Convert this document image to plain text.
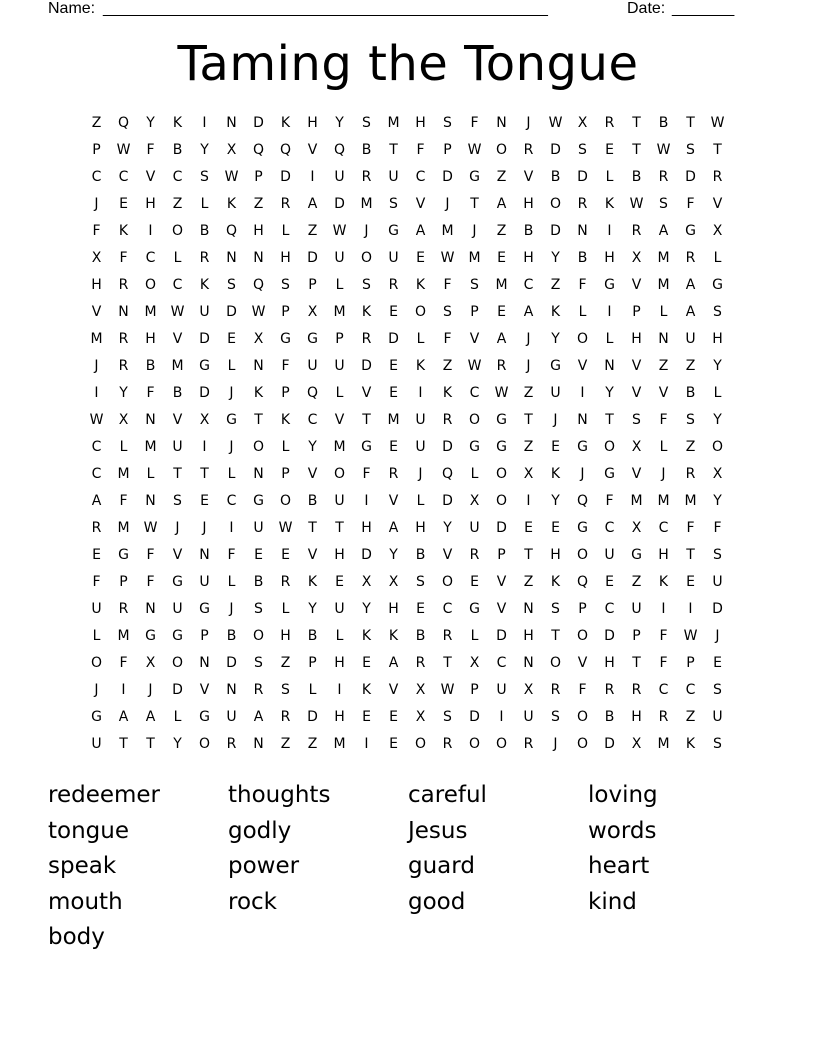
Name: __________________________________________________	Date: _______
Taming the Tongue
Z	Q	Y	K	I	N	D	K	H	Y	S	M	H	S	F	N	J	W	X	R	T	B	T	W
P	W	F	B	Y	X	Q	Q	V	Q	B	T	F	P	W	O	R	D	S	E	T	W	S	T
C	C	V	C	S	W	P	D	I	U	R	U	C	D	G	Z	V	B	D	L	B	R	D	R
J	E	H	Z	L	K	Z	R	A	D	M	S	V	J	T	A	H	O	R	K	W	S	F	V
F	K	I	O	B	Q	H	L	Z	W	J	G	A	M	J	Z	B	D	N	I	R	A	G	X
X	F	C	L	R	N	N	H	D	U	O	U	E	W	M	E	H	Y	B	H	X	M	R	L
H	R	O	C	K	S	Q	S	P	L	S	R	K	F	S	M	C	Z	F	G	V	M	A	G
V	N	M	W	U	D	W	P	X	M	K	E	O	S	P	E	A	K	L	I	P	L	A	S
M	R	H	V	D	E	X	G	G	P	R	D	L	F	V	A	J	Y	O	L	H	N	U	H
J	R	B	M	G	L	N	F	U	U	D	E	K	Z	W	R	J	G	V	N	V	Z	Z	Y
I	Y	F	B	D	J	K	P	Q	L	V	E	I	K	C	W	Z	U	I	Y	V	V	B	L
W	X	N	V	X	G	T	K	C	V	T	M	U	R	O	G	T	J	N	T	S	F	S	Y
C	L	M	U	I	J	O	L	Y	M	G	E	U	D	G	G	Z	E	G	O	X	L	Z	O
C	M	L	T	T	L	N	P	V	O	F	R	J	Q	L	O	X	K	J	G	V	J	R	X
A	F	N	S	E	C	G	O	B	U	I	V	L	D	X	O	I	Y	Q	F	M	M	M	Y
R	M	W	J	J	I	U	W	T	T	H	A	H	Y	U	D	E	E	G	C	X	C	F	F
E	G	F	V	N	F	E	E	V	H	D	Y	B	V	R	P	T	H	O	U	G	H	T	S
F	P	F	G	U	L	B	R	K	E	X	X	S	O	E	V	Z	K	Q	E	Z	K	E	U
U	R	N	U	G	J	S	L	Y	U	Y	H	E	C	G	V	N	S	P	C	U	I	I	D
L	M	G	G	P	B	O	H	B	L	K	K	B	R	L	D	H	T	O	D	P	F	W	J
O	F	X	O	N	D	S	Z	P	H	E	A	R	T	X	C	N	O	V	H	T	F	P	E
J	I	J	D	V	N	R	S	L	I	K	V	X	W	P	U	X	R	F	R	R	C	C	S
G	A	A	L	G	U	A	R	D	H	E	E	X	S	D	I	U	S	O	B	H	R	Z	U
U	T	T	Y	O	R	N	Z	Z	M	I	E	O	R	O	O	R	J	O	D	X	M	K	S
redeemer	thoughts	careful	loving
tongue	godly	Jesus	words
speak	power	guard	heart
mouth	rock	good	kind
body
